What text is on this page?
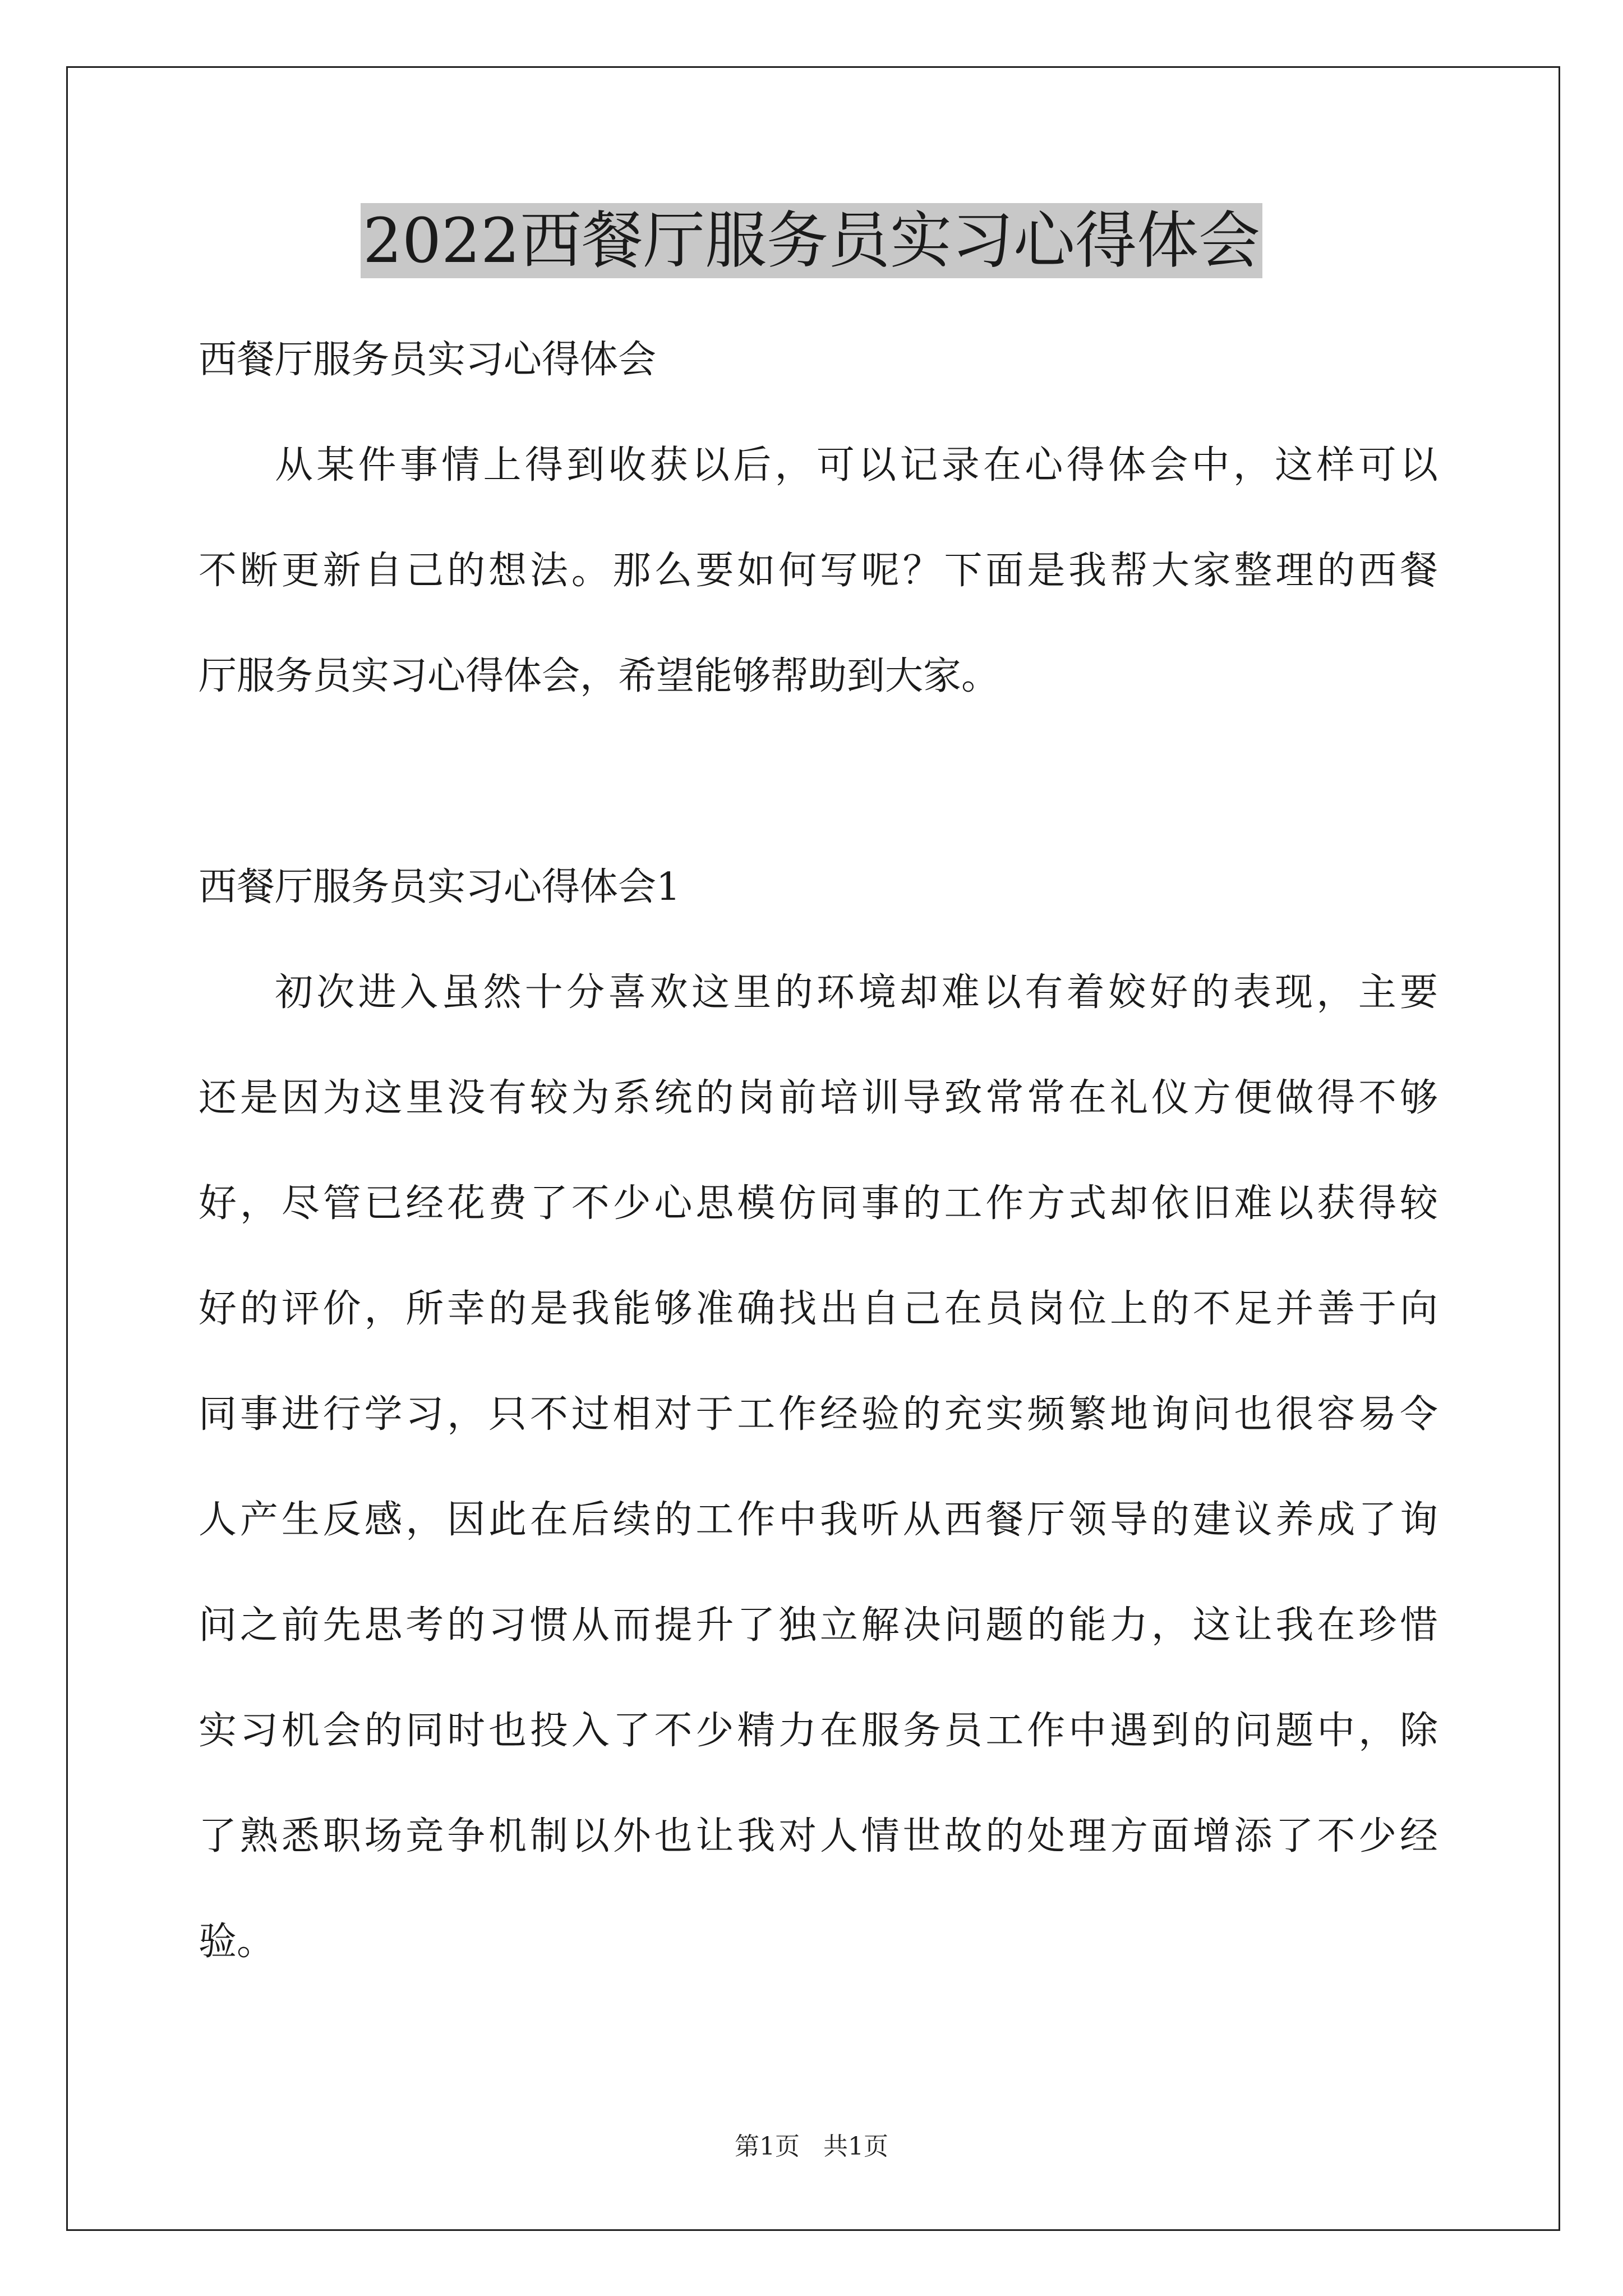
2022西餐厅服务员实习心得体会
西餐厅服务员实习心得体会
从某件事情上得到收获以后，可以记录在心得体会中，这样可以
不断更新自己的想法。那么要如何写呢？下面是我帮大家整理的西餐
厅服务员实习心得体会，希望能够帮助到大家。
西餐厅服务员实习心得体会1
初次进入虽然十分喜欢这里的环境却难以有着姣好的表现，主要
还是因为这里没有较为系统的岗前培训导致常常在礼仪方便做得不够
好，尽管已经花费了不少心思模仿同事的工作方式却依旧难以获得较
好的评价，所幸的是我能够准确找出自己在员岗位上的不足并善于向
同事进行学习，只不过相对于工作经验的充实频繁地询问也很容易令
人产生反感，因此在后续的工作中我听从西餐厅领导的建议养成了询
问之前先思考的习惯从而提升了独立解决问题的能力，这让我在珍惜
实习机会的同时也投入了不少精力在服务员工作中遇到的问题中，除
了熟悉职场竞争机制以外也让我对人情世故的处理方面增添了不少经
验。
第1页 共1页
